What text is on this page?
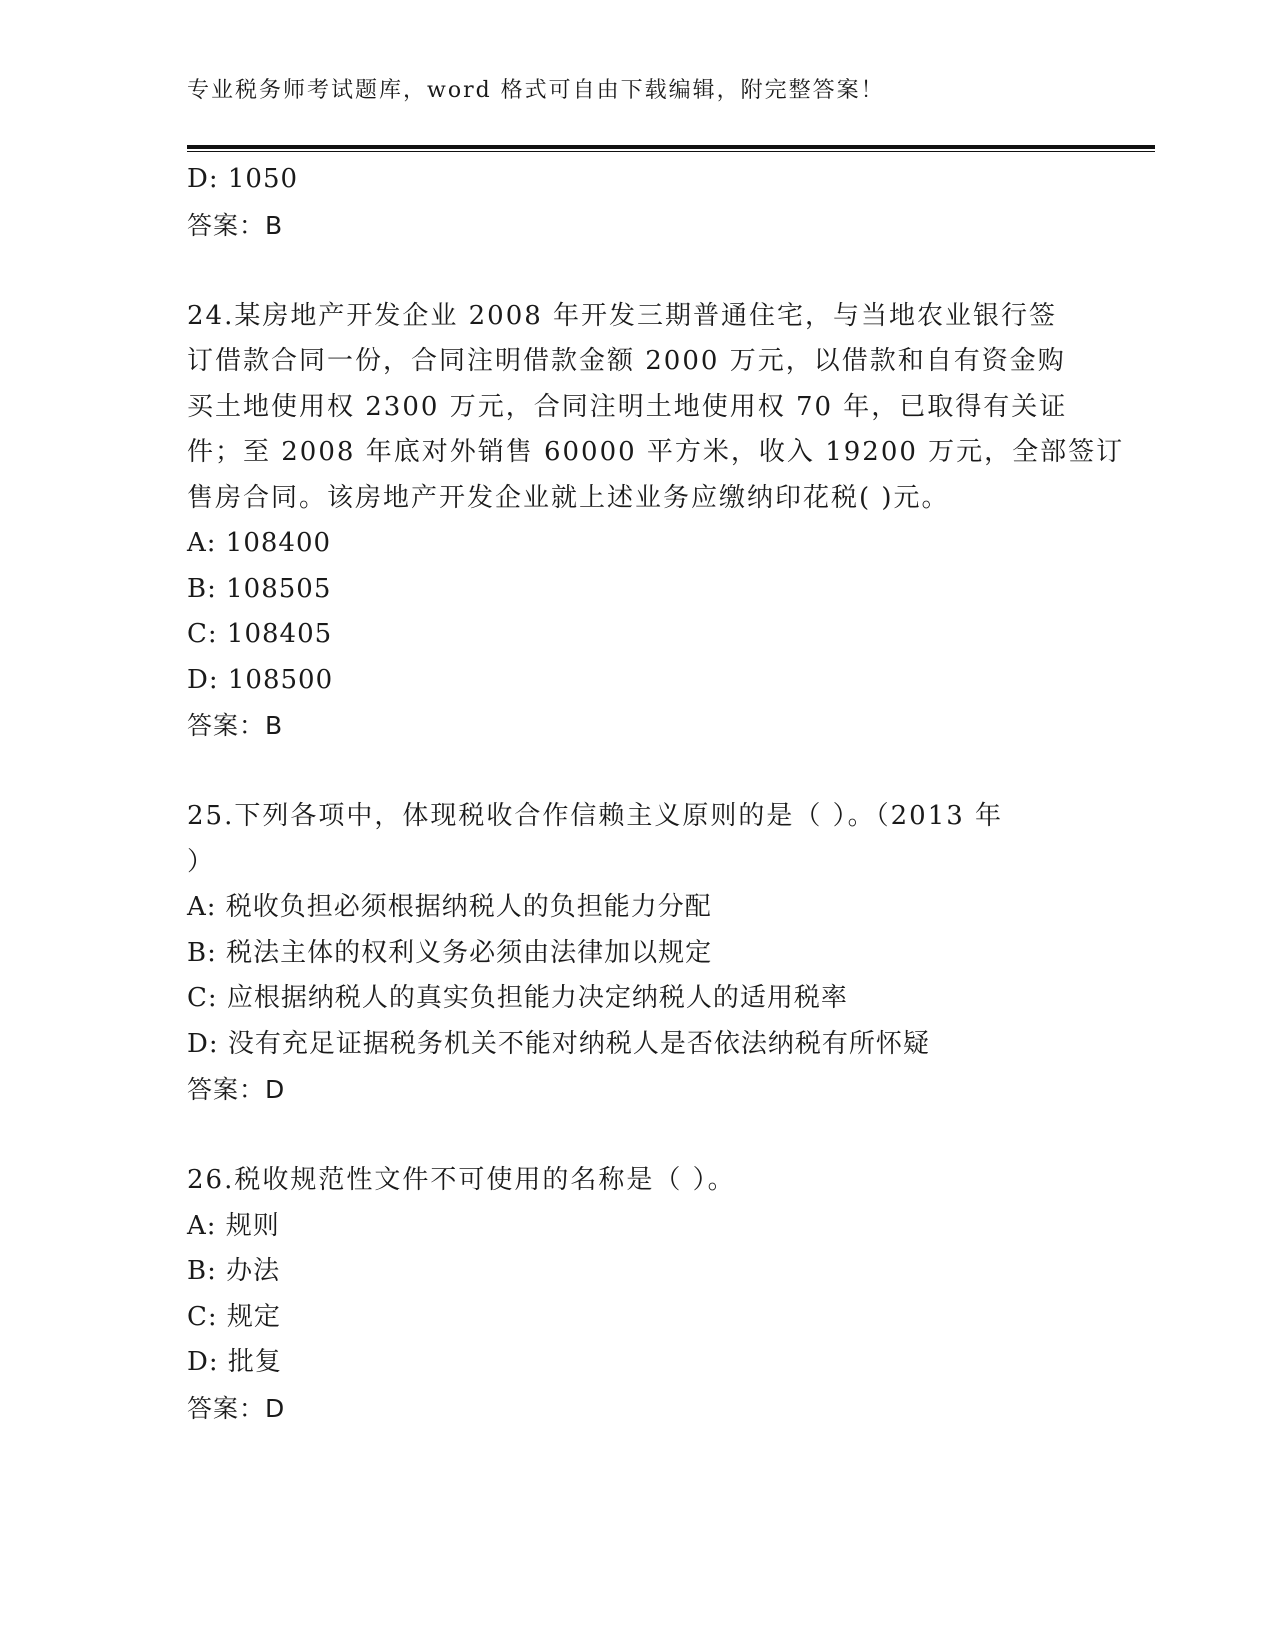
专业税务师考试题库，word 格式可自由下载编辑，附完整答案！
D: 1050
答案：B
24.某房地产开发企业 2008 年开发三期普通住宅，与当地农业银行签
订借款合同一份，合同注明借款金额 2000 万元，以借款和自有资金购
买土地使用权 2300 万元，合同注明土地使用权 70 年，已取得有关证
件；至 2008 年底对外销售 60000 平方米，收入 19200 万元，全部签订
售房合同。该房地产开发企业就上述业务应缴纳印花税( )元。
A: 108400
B: 108505
C: 108405
D: 108500
答案：B
25.下列各项中，体现税收合作信赖主义原则的是（ ）。（2013 年
）
A: 税收负担必须根据纳税人的负担能力分配
B: 税法主体的权利义务必须由法律加以规定
C: 应根据纳税人的真实负担能力决定纳税人的适用税率
D: 没有充足证据税务机关不能对纳税人是否依法纳税有所怀疑
答案：D
26.税收规范性文件不可使用的名称是（ ）。
A: 规则
B: 办法
C: 规定
D: 批复
答案：D
